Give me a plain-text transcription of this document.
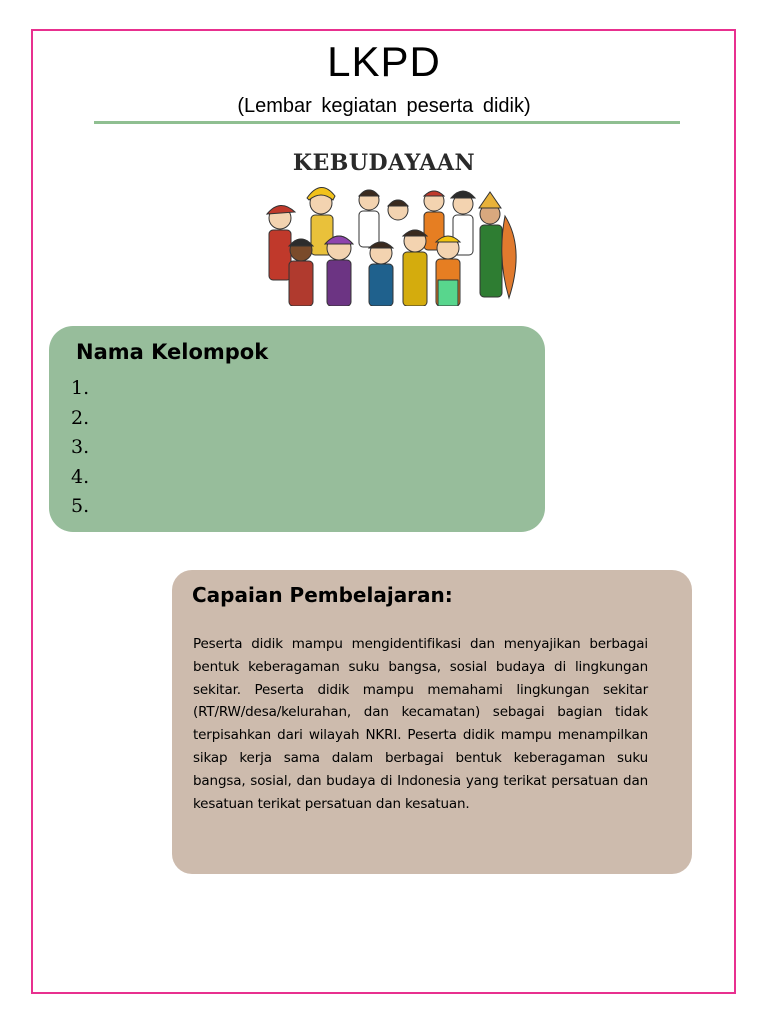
LKPD
(Lembar kegiatan peserta didik)
KEBUDAYAAN
Nama Kelompok
1.
2.
3.
4.
5.
Capaian Pembelajaran:

Peserta didik mampu mengidentifikasi dan menyajikan berbagai bentuk keberagaman suku bangsa, sosial budaya di lingkungan sekitar. Peserta didik mampu memahami lingkungan sekitar (RT/RW/desa/kelurahan, dan kecamatan) sebagai bagian tidak terpisahkan dari wilayah NKRI. Peserta didik mampu menampilkan sikap kerja sama dalam berbagai bentuk keberagaman suku bangsa, sosial, dan budaya di Indonesia yang terikat persatuan dan kesatuan terikat persatuan dan kesatuan.
